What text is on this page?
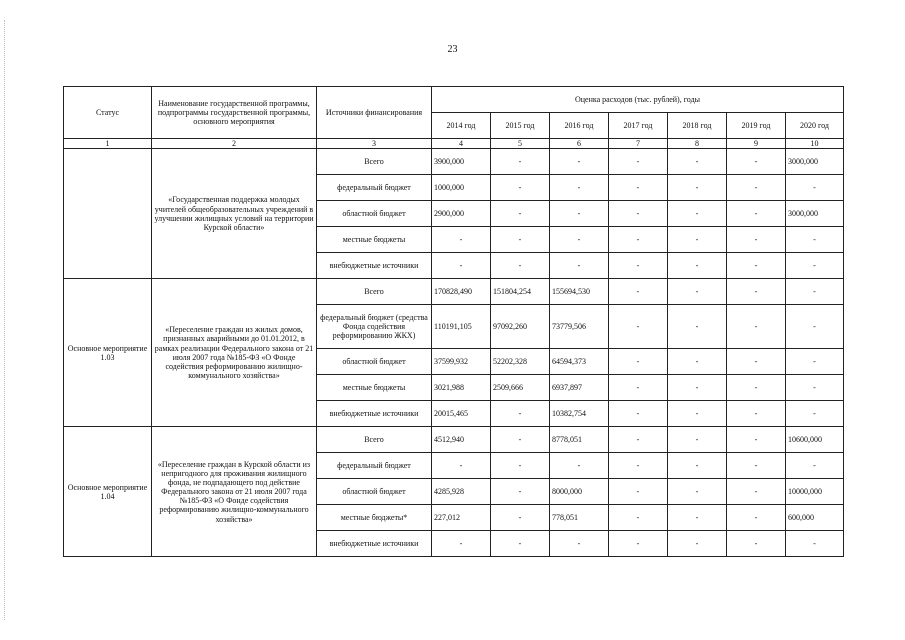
23
Статус	Наименование государственной программы, подпрограммы государственной программы, основного мероприятия	Источники финансирования	Оценка расходов (тыс. рублей), годы						
			2014 год	2015 год	2016 год	2017 год	2018 год	2019 год	2020 год
1	2	3	4	5	6	7	8	9	10
	«Государственная поддержка молодых учителей общеобразовательных учреждений в улучшении жилищных условий на территории Курской области»	Всего	3900,000	-	-	-	-	-	3000,000
		федеральный бюджет	1000,000	-	-	-	-	-	-
		областной бюджет	2900,000	-	-	-	-	-	3000,000
		местные бюджеты	-	-	-	-	-	-	-
		внебюджетные источники	-	-	-	-	-	-	-
Основное мероприятие 1.03	«Переселение граждан из жилых домов, признанных аварийными до 01.01.2012, в рамках реализации Федерального закона от 21 июля 2007 года №185-ФЗ «О Фонде содействия реформированию жилищно-коммунального хозяйства»	Всего	170828,490	151804,254	155694,530	-	-	-	-
		федеральный бюджет (средства Фонда содействия реформированию ЖКХ)	110191,105	97092,260	73779,506	-	-	-	-
		областной бюджет	37599,932	52202,328	64594,373	-	-	-	-
		местные бюджеты	3021,988	2509,666	6937,897	-	-	-	-
		внебюджетные источники	20015,465	-	10382,754	-	-	-	-
Основное мероприятие 1.04	«Переселение граждан в Курской области из непригодного для проживания жилищного фонда, не подпадающего под действие Федерального закона от 21 июля 2007 года №185-ФЗ «О Фонде содействия реформированию жилищно-коммунального хозяйства»	Всего	4512,940	-	8778,051	-	-	-	10600,000
		федеральный бюджет	-	-	-	-	-	-	-
		областной бюджет	4285,928	-	8000,000	-	-	-	10000,000
		местные бюджеты*	227,012	-	778,051	-	-	-	600,000
		внебюджетные источники	-	-	-	-	-	-	-
